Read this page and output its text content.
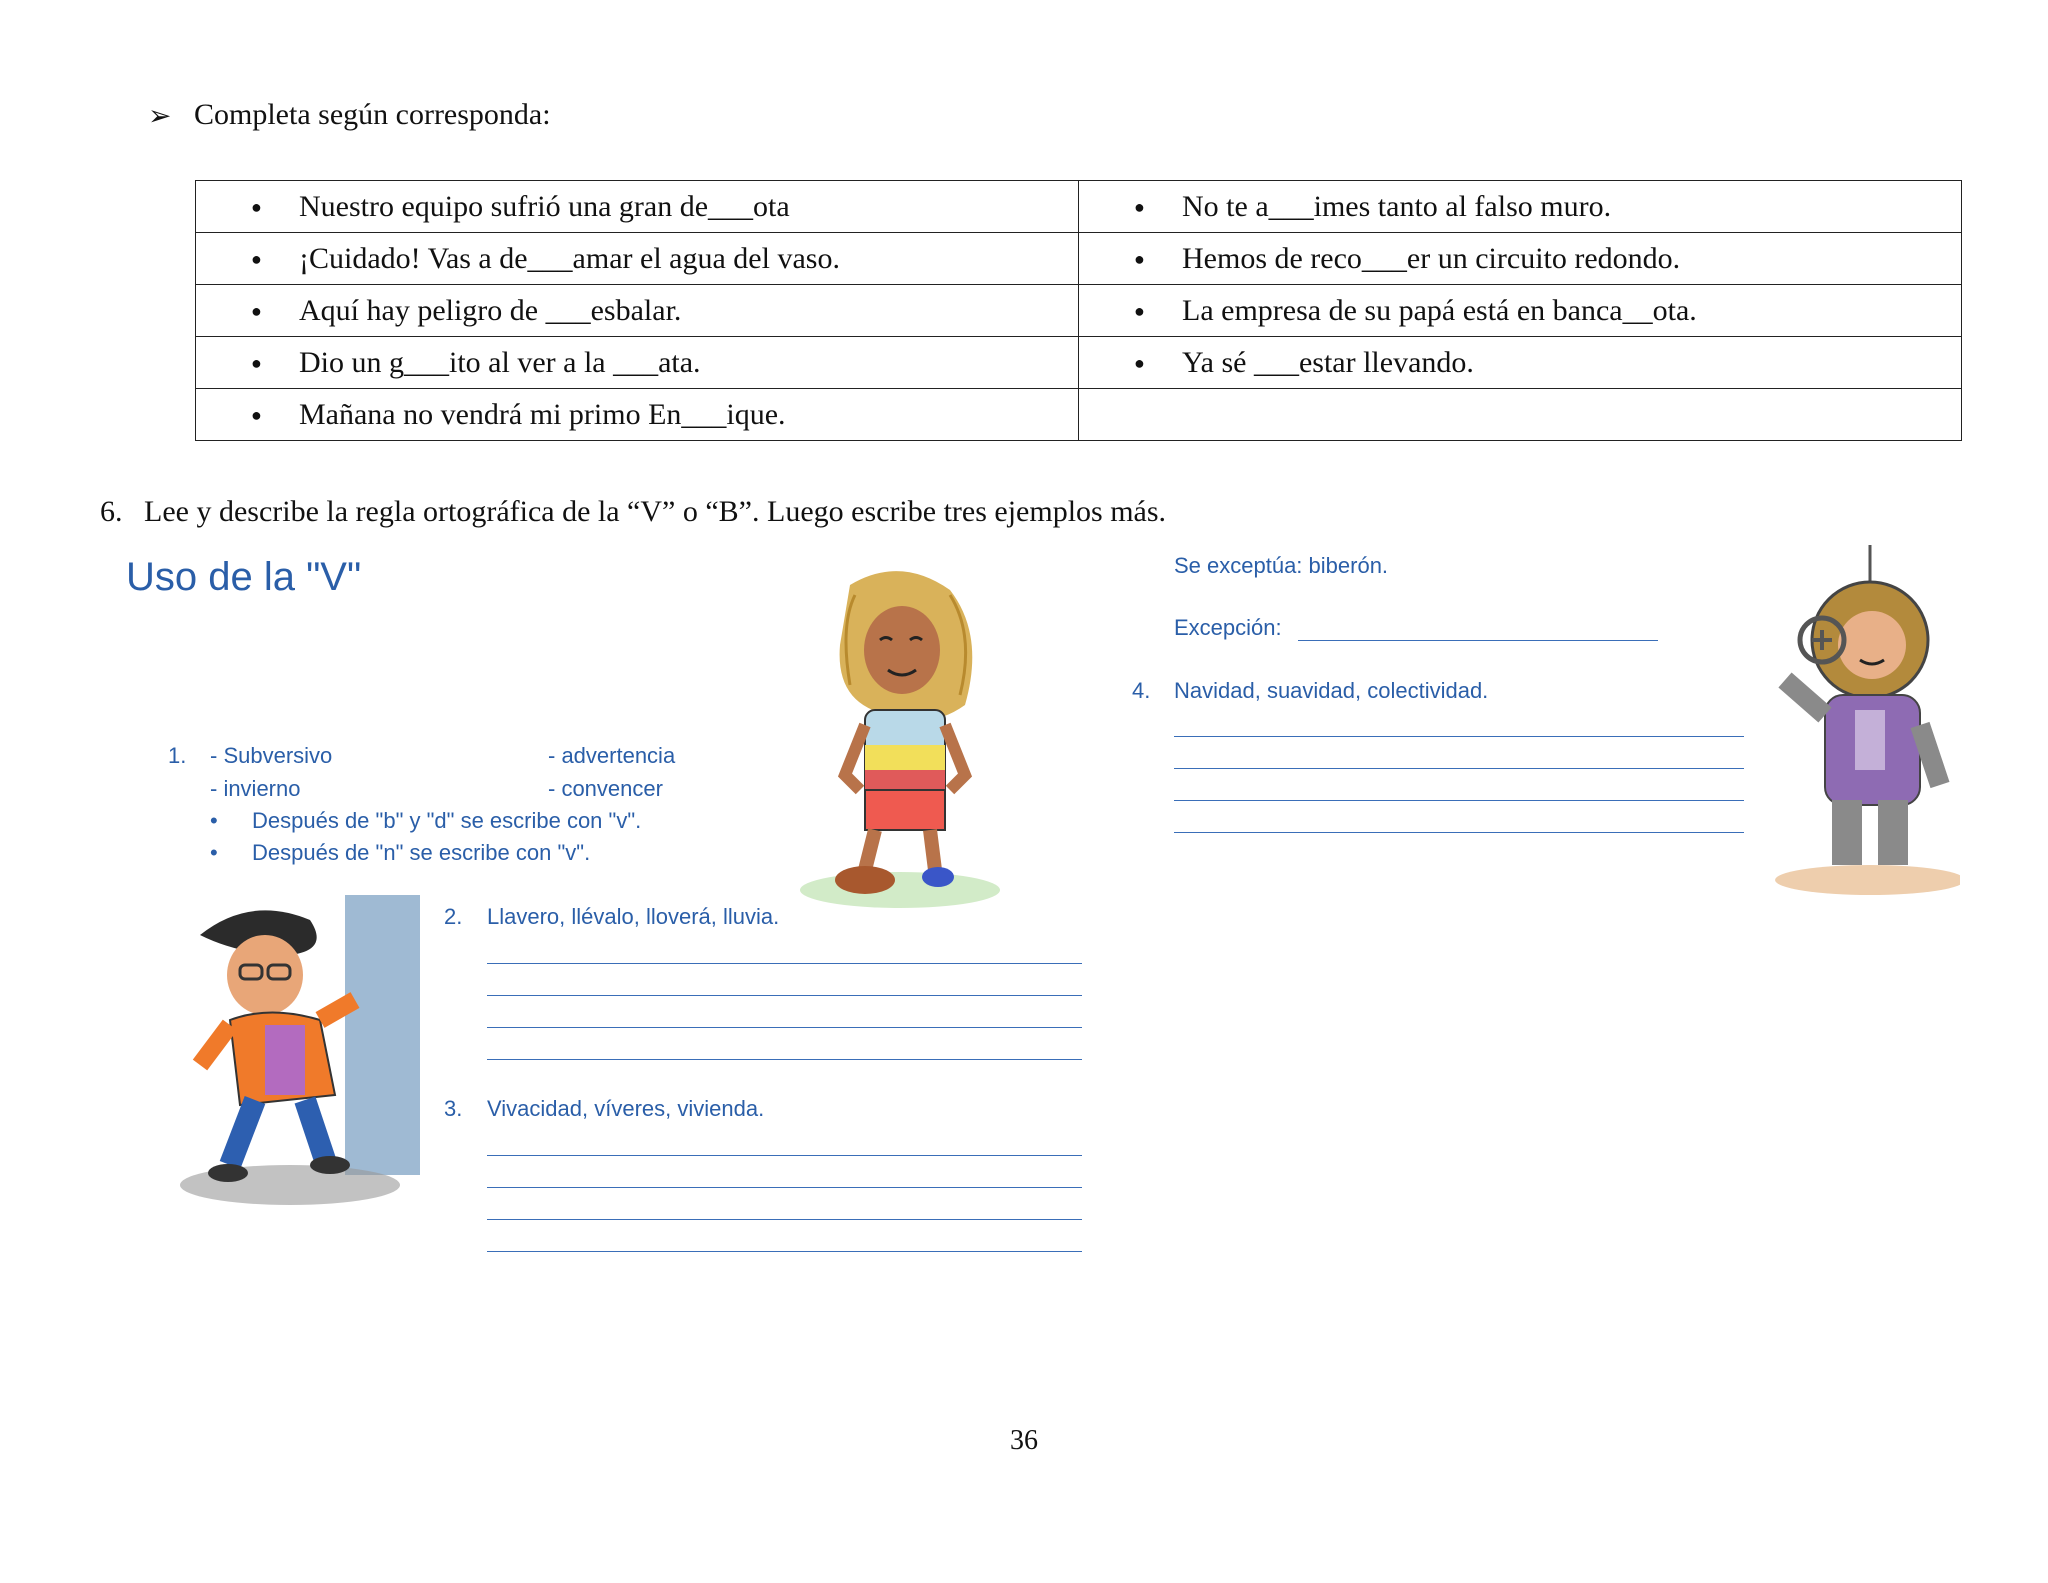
➢ Completa según corresponda:
● Nuestro equipo sufrió una gran de___ota	● No te a___imes tanto al falso muro.
● ¡Cuidado! Vas a de___amar el agua del vaso.	● Hemos de reco___er un circuito redondo.
● Aquí hay peligro de ___esbalar.	● La empresa de su papá está en banca__ota.
● Dio un g___ito al ver a la ___ata.	● Ya sé ___estar llevando.
● Mañana no vendrá mi primo En___ique.	
6. Lee y describe la regla ortográfica de la “V” o “B”. Luego escribe tres ejemplos más.
Uso de la "V"
1. - Subversivo	- advertencia
- invierno	- convencer
• Después de "b" y "d" se escribe con "v".
• Después de "n" se escribe con "v".
2. Llavero, llévalo, lloverá, lluvia.
3. Vivacidad, víveres, vivienda.
Se exceptúa: biberón.
Excepción:
4. Navidad, suavidad, colectividad.
36
